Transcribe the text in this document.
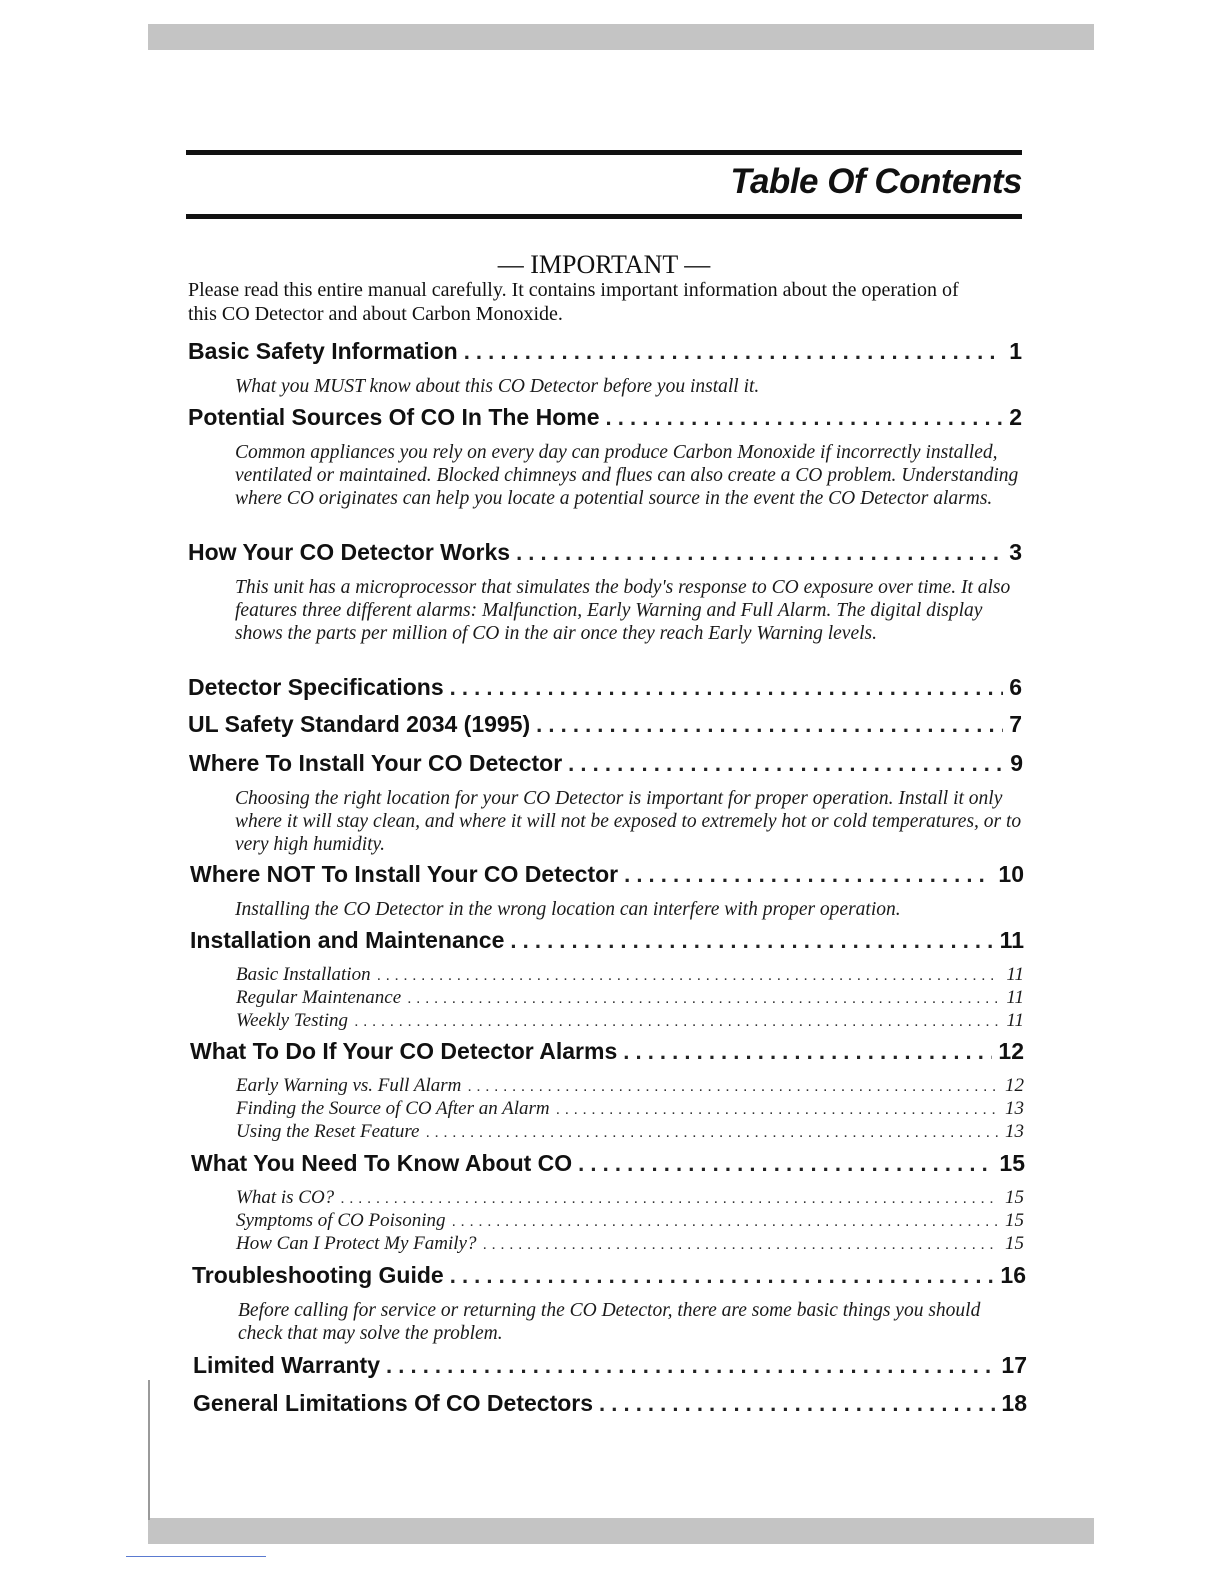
Table Of Contents
— IMPORTANT —
Please read this entire manual carefully. It contains important information about the operation of this CO Detector and about Carbon Monoxide.
Basic Safety Information . . .	1
What you MUST know about this CO Detector before you install it.
Potential Sources Of CO In The Home . . .	2
Common appliances you rely on every day can produce Carbon Monoxide if incorrectly installed, ventilated or maintained. Blocked chimneys and flues can also create a CO problem. Understanding where CO originates can help you locate a potential source in the event the CO Detector alarms.
How Your CO Detector Works . . .	3
This unit has a microprocessor that simulates the body's response to CO exposure over time. It also features three different alarms: Malfunction, Early Warning and Full Alarm. The digital display shows the parts per million of CO in the air once they reach Early Warning levels.
Detector Specifications . . .	6
UL Safety Standard 2034 (1995) . . .	7
Where To Install Your CO Detector . . .	9
Choosing the right location for your CO Detector is important for proper operation. Install it only where it will stay clean, and where it will not be exposed to extremely hot or cold temperatures, or to very high humidity.
Where NOT To Install Your CO Detector . . .	10
Installing the CO Detector in the wrong location can interfere with proper operation.
Installation and Maintenance . . .	11
Basic Installation . . .	11
Regular Maintenance . . .	11
Weekly Testing . . .	11
What To Do If Your CO Detector Alarms . . .	12
Early Warning vs. Full Alarm . . .	12
Finding the Source of CO After an Alarm . . .	13
Using the Reset Feature . . .	13
What You Need To Know About CO . . .	15
What is CO? . . .	15
Symptoms of CO Poisoning . . .	15
How Can I Protect My Family? . . .	15
Troubleshooting Guide . . .	16
Before calling for service or returning the CO Detector, there are some basic things you should check that may solve the problem.
Limited Warranty . . .	17
General Limitations Of CO Detectors . . .	18
